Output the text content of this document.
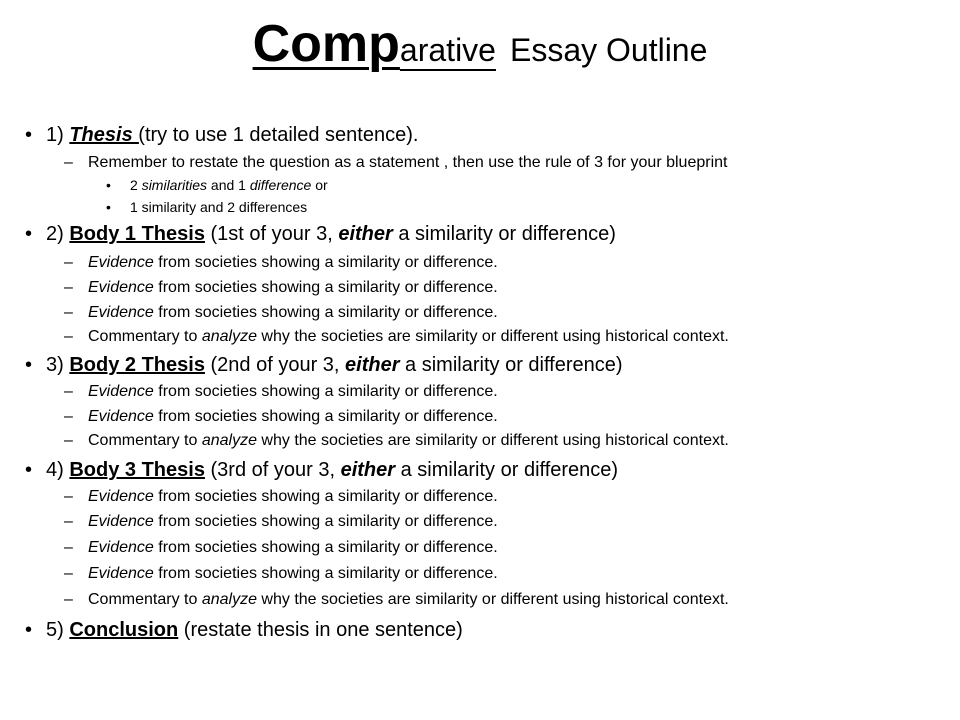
Comparative Essay Outline
• 1) Thesis (try to use 1 detailed sentence).
– Remember to restate the question as a statement , then use the rule of 3 for your blueprint
• 2 similarities and 1 difference or
• 1 similarity and 2 differences
• 2) Body 1 Thesis (1st of your 3, either a similarity or difference)
– Evidence from societies showing a similarity or difference.
– Evidence from societies showing a similarity or difference.
– Evidence from societies showing a similarity or difference.
– Commentary to analyze why the societies are similarity or different using historical context.
• 3) Body 2 Thesis (2nd of your 3, either a similarity or difference)
– Evidence from societies showing a similarity or difference.
– Evidence from societies showing a similarity or difference.
– Commentary to analyze why the societies are similarity or different using historical context.
• 4) Body 3 Thesis (3rd of your 3, either a similarity or difference)
– Evidence from societies showing a similarity or difference.
– Evidence from societies showing a similarity or difference.
– Evidence from societies showing a similarity or difference.
– Evidence from societies showing a similarity or difference.
– Commentary to analyze why the societies are similarity or different using historical context.
• 5) Conclusion (restate thesis in one sentence)
